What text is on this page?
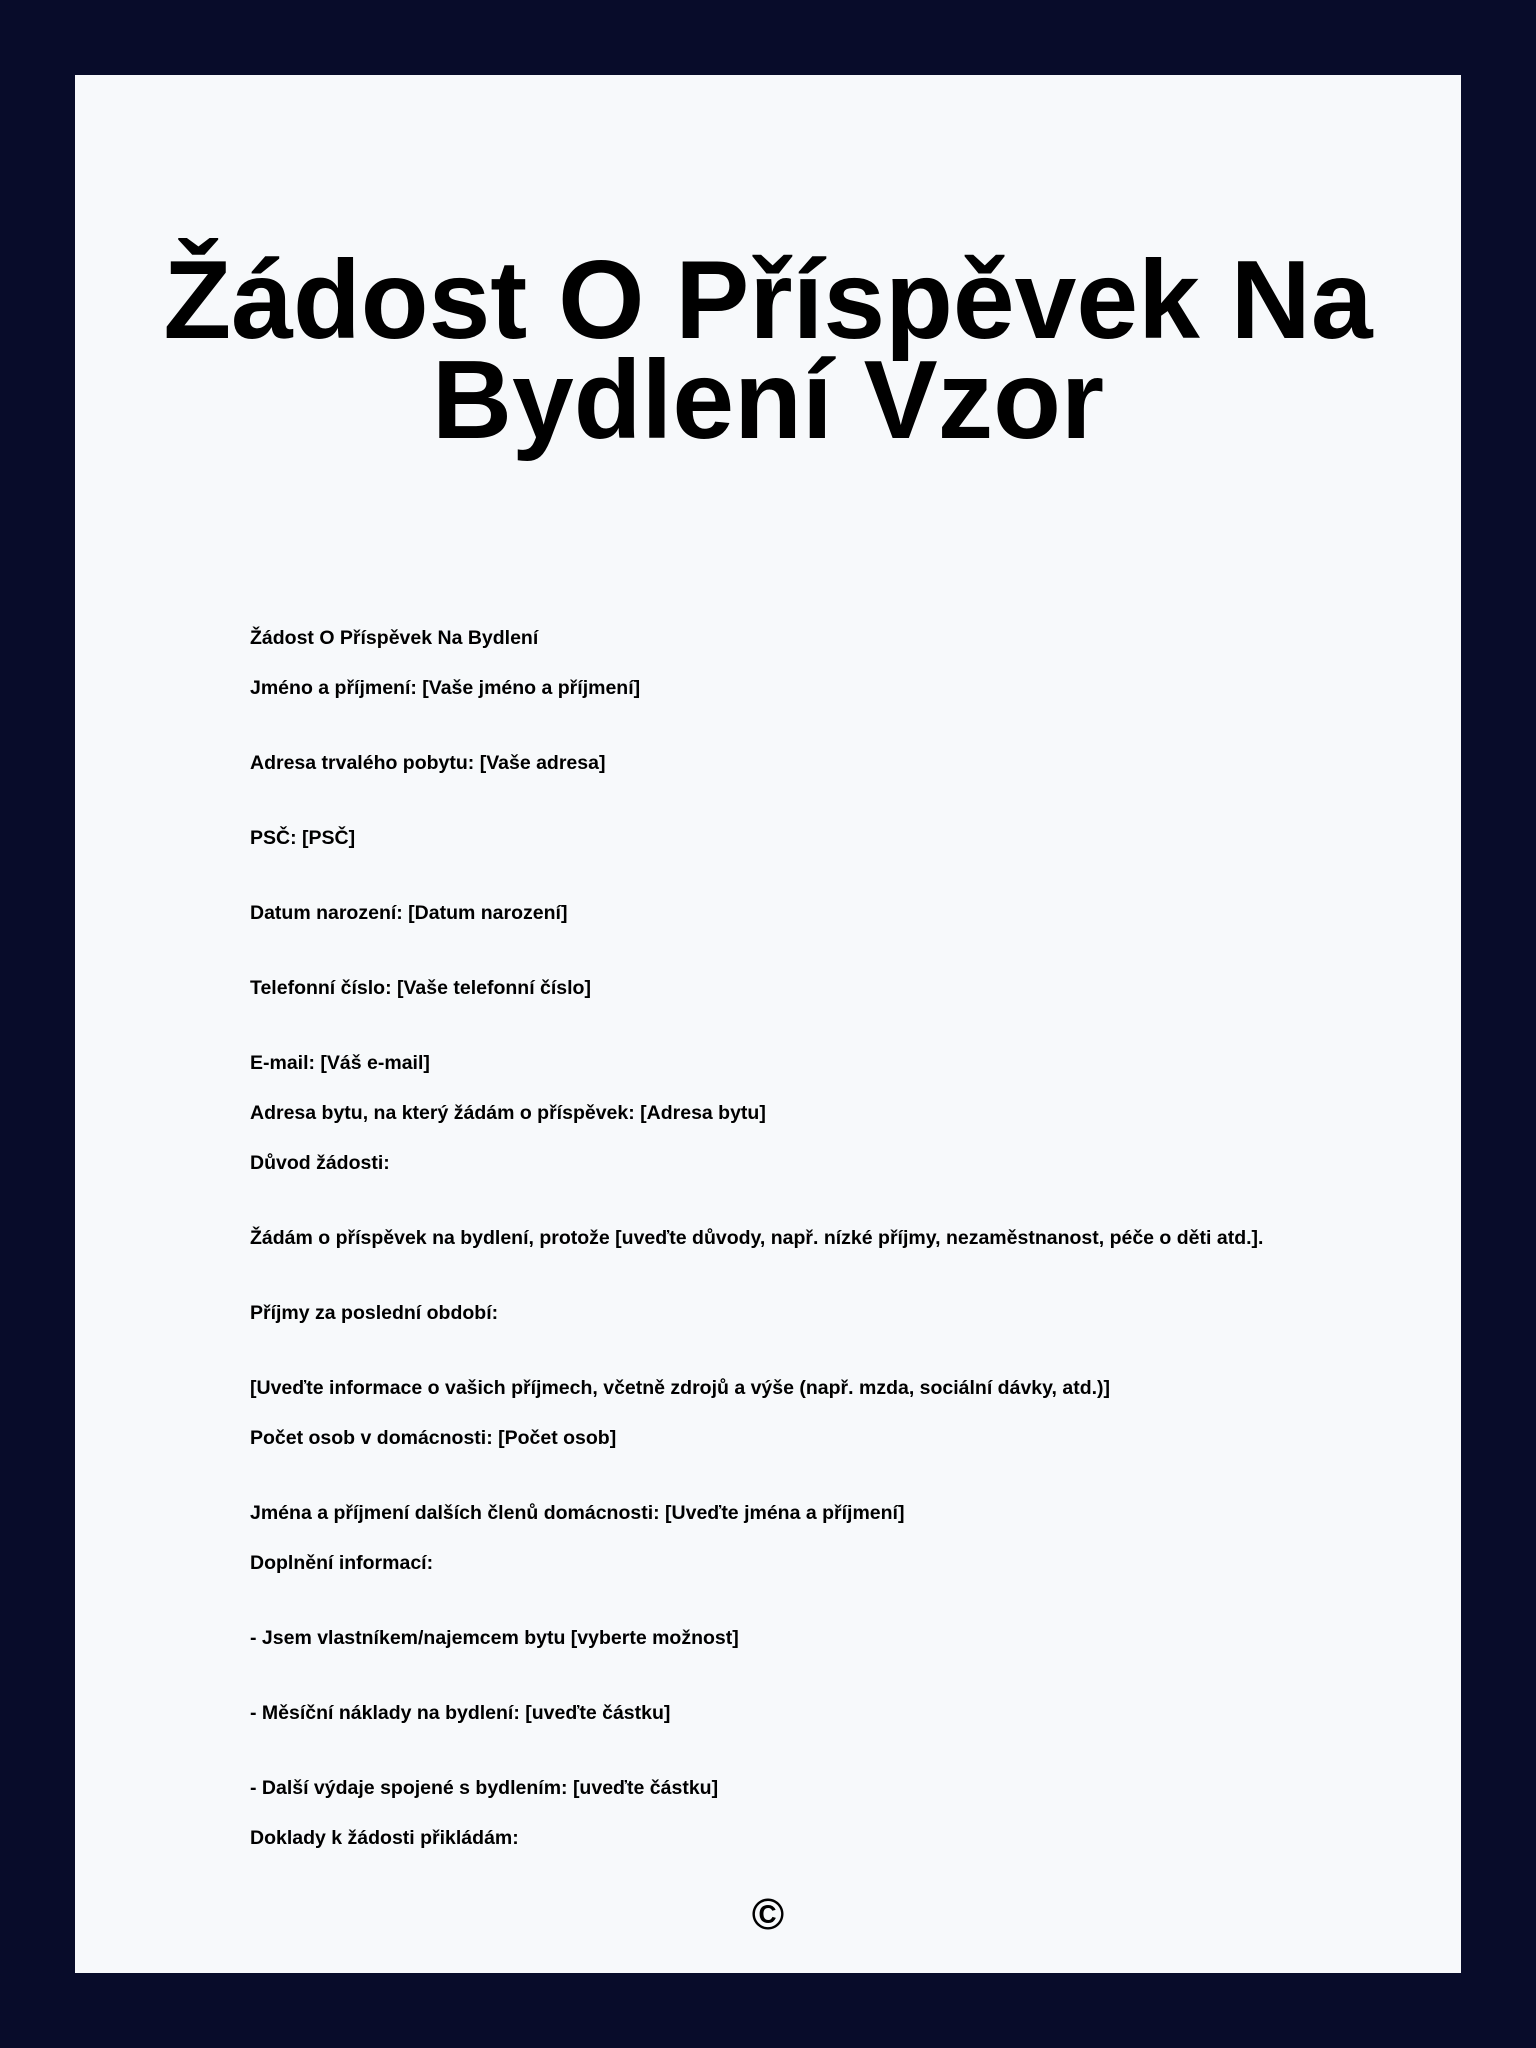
Žádost O Příspěvek Na Bydlení Vzor
Žádost O Příspěvek Na Bydlení
Jméno a příjmení: [Vaše jméno a příjmení]
Adresa trvalého pobytu: [Vaše adresa]
PSČ: [PSČ]
Datum narození: [Datum narození]
Telefonní číslo: [Vaše telefonní číslo]
E-mail: [Váš e-mail]
Adresa bytu, na který žádám o příspěvek: [Adresa bytu]
Důvod žádosti:
Žádám o příspěvek na bydlení, protože [uveďte důvody, např. nízké příjmy, nezaměstnanost, péče o děti atd.].
Příjmy za poslední období:
[Uveďte informace o vašich příjmech, včetně zdrojů a výše (např. mzda, sociální dávky, atd.)]
Počet osob v domácnosti: [Počet osob]
Jména a příjmení dalších členů domácnosti: [Uveďte jména a příjmení]
Doplnění informací:
- Jsem vlastníkem/najemcem bytu [vyberte možnost]
- Měsíční náklady na bydlení: [uveďte částku]
- Další výdaje spojené s bydlením: [uveďte částku]
Doklady k žádosti přikládám:
©
